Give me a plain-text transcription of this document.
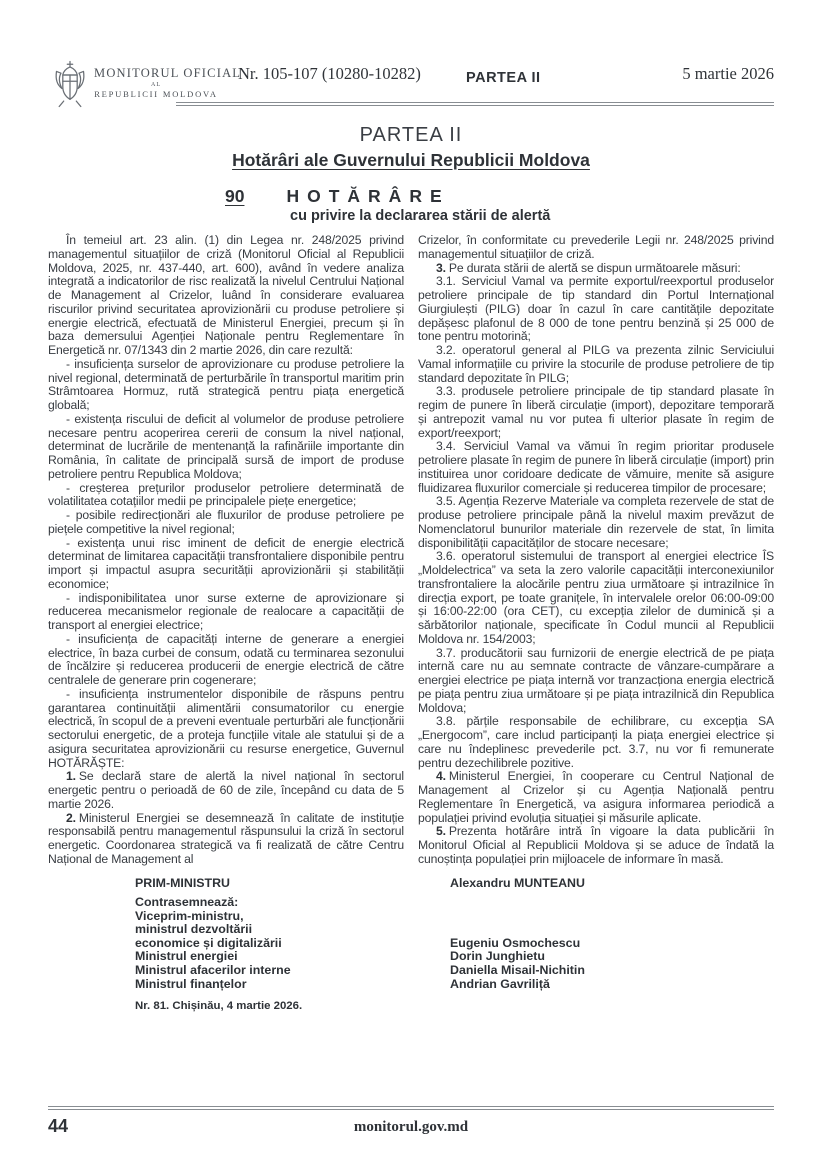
MONITORUL OFICIAL
AL
REPUBLICII MOLDOVA
Nr. 105-107 (10280-10282)	PARTEA II	5 martie 2026
PARTEA II
Hotărâri ale Guvernului Republicii Moldova
90 HOTĂRÂRE
cu privire la declararea stării de alertă

În temeiul art. 23 alin. (1) din Legea nr. 248/2025 privind managementul situațiilor de criză (Monitorul Oficial al Republicii Moldova, 2025, nr. 437-440, art. 600), având în vedere analiza integrată a indicatorilor de risc realizată la nivelul Centrului Național de Management al Crizelor, luând în considerare evaluarea riscurilor privind securitatea aprovizionării cu produse petroliere și energie electrică, efectuată de Ministerul Energiei, precum și în baza demersului Agenției Naționale pentru Reglementare în Energetică nr. 07/1343 din 2 martie 2026, din care rezultă:

- insuficiența surselor de aprovizionare cu produse petroliere la nivel regional, determinată de perturbările în transportul maritim prin Strâmtoarea Hormuz, rută strategică pentru piața energetică globală;

- existența riscului de deficit al volumelor de produse petroliere necesare pentru acoperirea cererii de consum la nivel național, determinat de lucrările de mentenanță la rafinăriile importante din România, în calitate de principală sursă de import de produse petroliere pentru Republica Moldova;

- creșterea prețurilor produselor petroliere determinată de volatilitatea cotațiilor medii pe principalele piețe energetice;

- posibile redirecționări ale fluxurilor de produse petroliere pe piețele competitive la nivel regional;

- existența unui risc iminent de deficit de energie electrică determinat de limitarea capacității transfrontaliere disponibile pentru import și impactul asupra securității aprovizionării și stabilității economice;

- indisponibilitatea unor surse externe de aprovizionare și reducerea mecanismelor regionale de realocare a capacității de transport al energiei electrice;

- insuficiența de capacități interne de generare a energiei electrice, în baza curbei de consum, odată cu terminarea sezonului de încălzire și reducerea producerii de energie electrică de către centralele de generare prin cogenerare;

- insuficiența instrumentelor disponibile de răspuns pentru garantarea continuității alimentării consumatorilor cu energie electrică, în scopul de a preveni eventuale perturbări ale funcționării sectorului energetic, de a proteja funcțiile vitale ale statului și de a asigura securitatea aprovizionării cu resurse energetice, Guvernul HOTĂRĂȘTE:

1. Se declară stare de alertă la nivel național în sectorul energetic pentru o perioadă de 60 de zile, începând cu data de 5 martie 2026.

2. Ministerul Energiei se desemnează în calitate de instituție responsabilă pentru managementul răspunsului la criză în sectorul energetic. Coordonarea strategică va fi realizată de către Centru Național de Management al

Crizelor, în conformitate cu prevederile Legii nr. 248/2025 privind managementul situațiilor de criză.

3. Pe durata stării de alertă se dispun următoarele măsuri:

3.1. Serviciul Vamal va permite exportul/reexportul produselor petroliere principale de tip standard din Portul Internațional Giurgiulești (PILG) doar în cazul în care cantitățile depozitate depășesc plafonul de 8 000 de tone pentru benzină și 25 000 de tone pentru motorină;

3.2. operatorul general al PILG va prezenta zilnic Serviciului Vamal informațiile cu privire la stocurile de produse petroliere de tip standard depozitate în PILG;

3.3. produsele petroliere principale de tip standard plasate în regim de punere în liberă circulație (import), depozitare temporară și antrepozit vamal nu vor putea fi ulterior plasate în regim de export/reexport;

3.4. Serviciul Vamal va vămui în regim prioritar produsele petroliere plasate în regim de punere în liberă circulație (import) prin instituirea unor coridoare dedicate de vămuire, menite să asigure fluidizarea fluxurilor comerciale și reducerea timpilor de procesare;

3.5. Agenția Rezerve Materiale va completa rezervele de stat de produse petroliere principale până la nivelul maxim prevăzut de Nomenclatorul bunurilor materiale din rezervele de stat, în limita disponibilității capacităților de stocare necesare;

3.6. operatorul sistemului de transport al energiei electrice ÎS „Moldelectrica” va seta la zero valorile capacității interconexiunilor transfrontaliere la alocările pentru ziua următoare și intrazilnice în direcția export, pe toate granițele, în intervalele orelor 06:00-09:00 și 16:00-22:00 (ora CET), cu excepția zilelor de duminică și a sărbătorilor naționale, specificate în Codul muncii al Republicii Moldova nr. 154/2003;

3.7. producătorii sau furnizorii de energie electrică de pe piața internă care nu au semnate contracte de vânzare-cumpărare a energiei electrice pe piața internă vor tranzacționa energia electrică pe piața pentru ziua următoare și pe piața intrazilnică din Republica Moldova;

3.8. părțile responsabile de echilibrare, cu excepția SA „Energocom”, care includ participanți la piața energiei electrice și care nu îndeplinesc prevederile pct. 3.7, nu vor fi remunerate pentru dezechilibrele pozitive.

4. Ministerul Energiei, în cooperare cu Centrul Național de Management al Crizelor și cu Agenția Națională pentru Reglementare în Energetică, va asigura informarea periodică a populației privind evoluția situației și măsurile aplicate.

5. Prezenta hotărâre intră în vigoare la data publicării în Monitorul Oficial al Republicii Moldova și se aduce de îndată la cunoștința populației prin mijloacele de informare în masă.

PRIM-MINISTRU	Alexandru MUNTEANU
Contrasemnează:
Viceprim-ministru,
ministrul dezvoltării
economice și digitalizării	Eugeniu Osmochescu
Ministrul energiei	Dorin Junghietu
Ministrul afacerilor interne	Daniella Misail-Nichitin
Ministrul finanțelor	Andrian Gavriliță
Nr. 81. Chișinău, 4 martie 2026.
44	monitorul.gov.md
